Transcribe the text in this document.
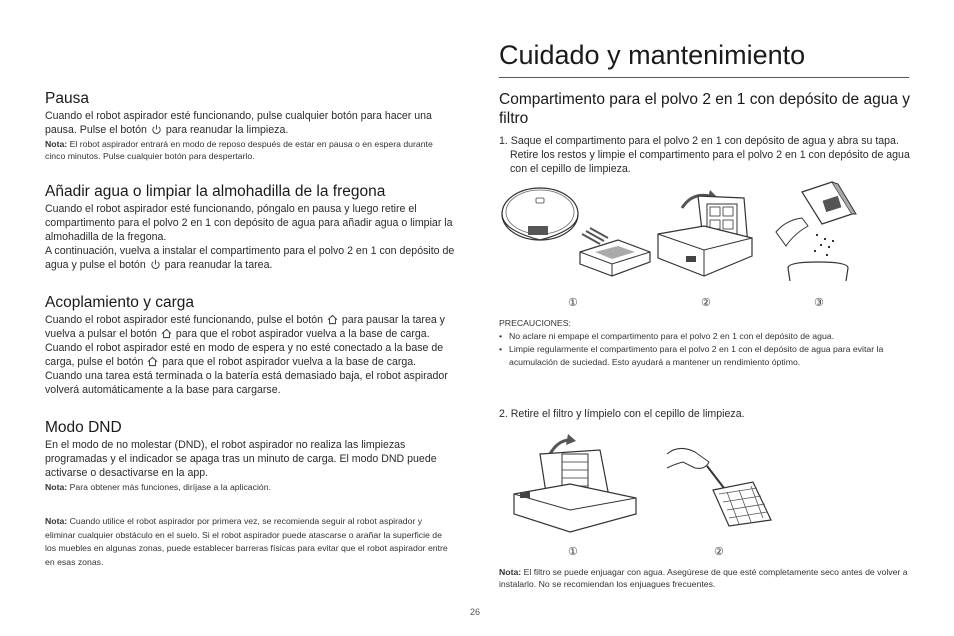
Pausa
Cuando el robot aspirador esté funcionando, pulse cualquier botón para hacer una pausa. Pulse el botón para reanudar la limpieza.
Nota: El robot aspirador entrará en modo de reposo después de estar en pausa o en espera durante cinco minutos. Pulse cualquier botón para despertarlo.
Añadir agua o limpiar la almohadilla de la fregona
Cuando el robot aspirador esté funcionando, póngalo en pausa y luego retire el compartimento para el polvo 2 en 1 con depósito de agua para añadir agua o limpiar la almohadilla de la fregona.
A continuación, vuelva a instalar el compartimento para el polvo 2 en 1 con depósito de agua y pulse el botón para reanudar la tarea.
Acoplamiento y carga
Cuando el robot aspirador esté funcionando, pulse el botón para pausar la tarea y vuelva a pulsar el botón para que el robot aspirador vuelva a la base de carga.
Cuando el robot aspirador esté en modo de espera y no esté conectado a la base de carga, pulse el botón para que el robot aspirador vuelva a la base de carga. Cuando una tarea está terminada o la batería está demasiado baja, el robot aspirador volverá automáticamente a la base para cargarse.
Modo DND
En el modo de no molestar (DND), el robot aspirador no realiza las limpiezas programadas y el indicador se apaga tras un minuto de carga. El modo DND puede activarse o desactivarse en la app.
Nota: Para obtener más funciones, diríjase a la aplicación.
Nota: Cuando utilice el robot aspirador por primera vez, se recomienda seguir al robot aspirador y eliminar cualquier obstáculo en el suelo. Si el robot aspirador puede atascarse o arañar la superficie de los muebles en algunas zonas, puede establecer barreras físicas para evitar que el robot aspirador entre en esas zonas.
Cuidado y mantenimiento
Compartimento para el polvo 2 en 1 con depósito de agua y filtro
1. Saque el compartimento para el polvo 2 en 1 con depósito de agua y abra su tapa. Retire los restos y limpie el compartimento para el polvo 2 en 1 con depósito de agua con el cepillo de limpieza.
①	②	③
PRECAUCIONES:
• No aclare ni empape el compartimento para el polvo 2 en 1 con el depósito de agua.
• Limpie regularmente el compartimento para el polvo 2 en 1 con el depósito de agua para evitar la acumulación de suciedad. Esto ayudará a mantener un rendimiento óptimo.
2. Retire el filtro y límpielo con el cepillo de limpieza.
①	②
Nota: El filtro se puede enjuagar con agua. Asegúrese de que esté completamente seco antes de volver a instalarlo. No se recomiendan los enjuagues frecuentes.
26
